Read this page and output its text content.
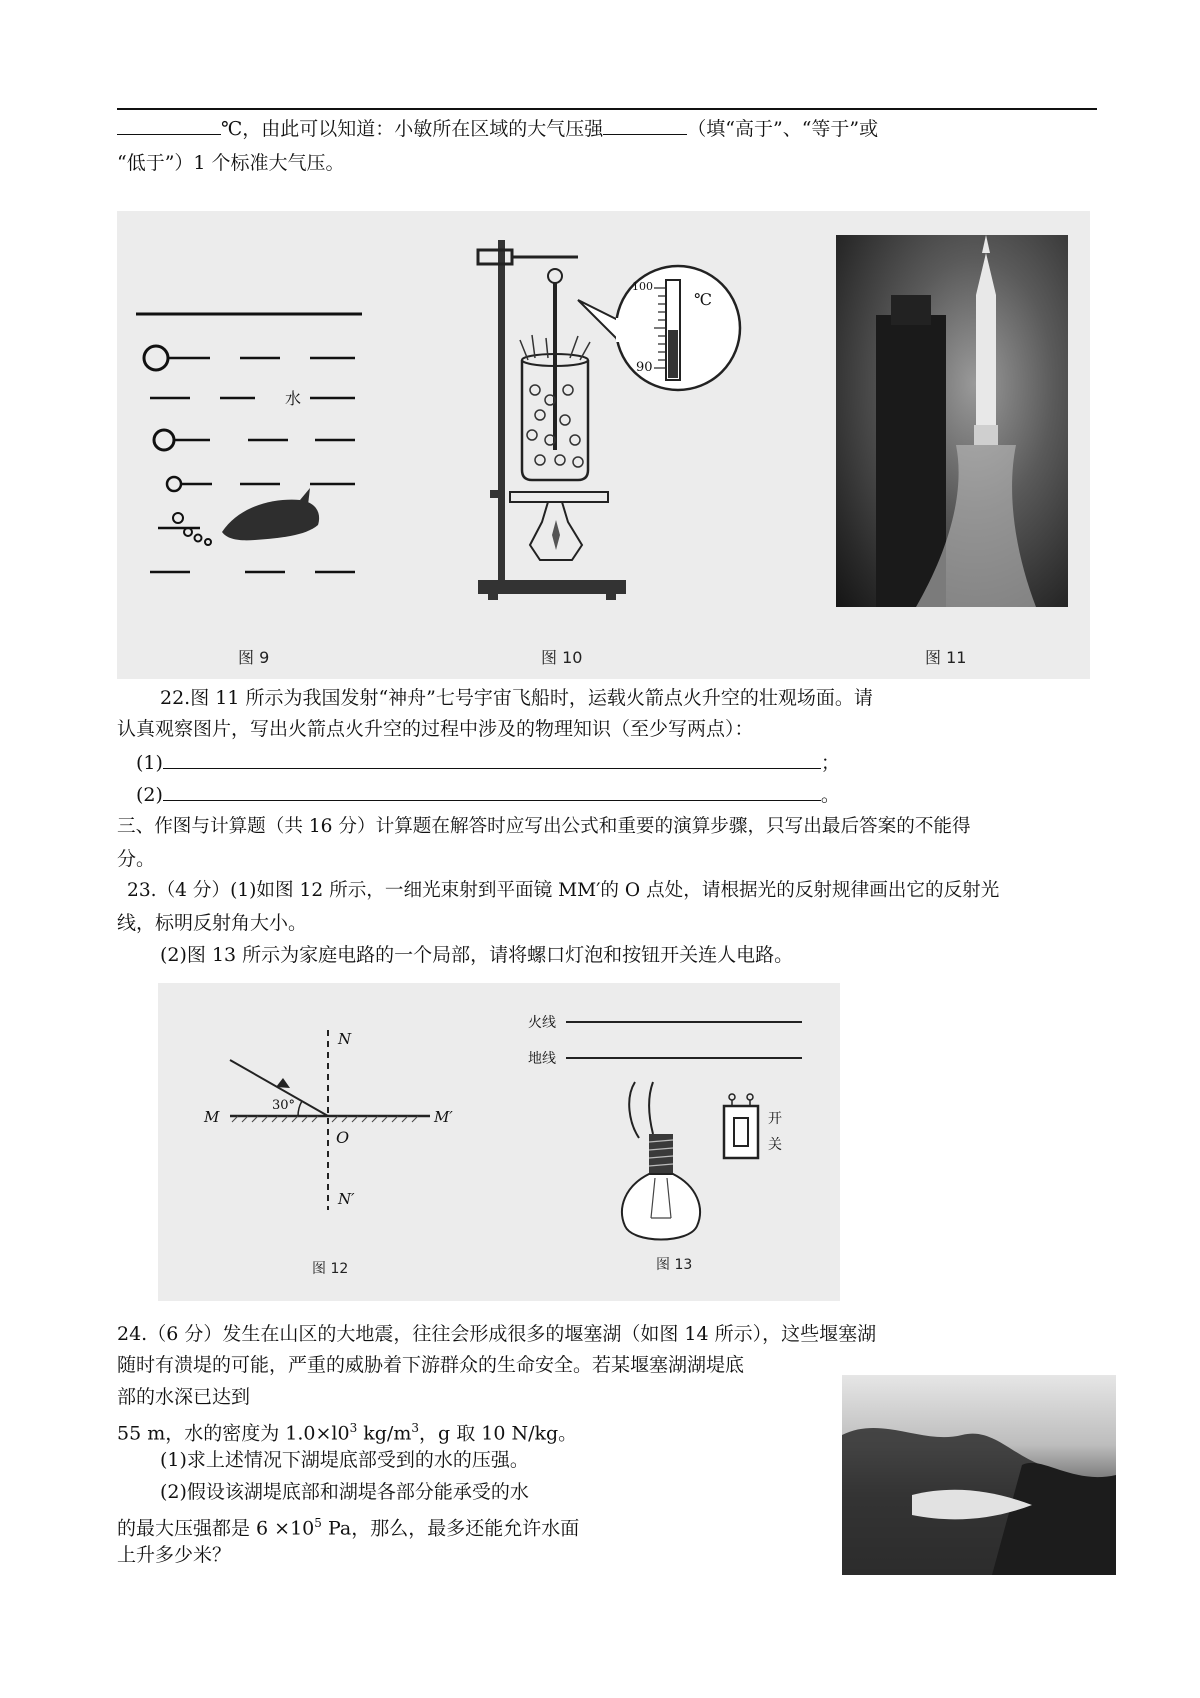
℃，由此可以知道：小敏所在区域的大气压强	（填“高于”、“等于”或
“低于”）1 个标准大气压。
水
图 9
℃
100
90
图 10	图 11
22.图 11 所示为我国发射“神舟”七号宇宙飞船时，运载火箭点火升空的壮观场面。请
认真观察图片，写出火箭点火升空的过程中涉及的物理知识（至少写两点）：
(1)	；
(2)	。
三、作图与计算题（共 16 分）计算题在解答时应写出公式和重要的演算步骤，只写出最后答案的不能得
分。
23.（4 分）(1)如图 12 所示，一细光束射到平面镜 MM′的 O 点处，请根据光的反射规律画出它的反射光
线，标明反射角大小。
(2)图 13 所示为家庭电路的一个局部，请将螺口灯泡和按钮开关连人电路。
N
N′
M	M′
O
30°
图 12
火线
地线
开
关
图 13
24.（6 分）发生在山区的大地震，往往会形成很多的堰塞湖（如图 14 所示），这些堰塞湖
随时有溃堤的可能，严重的威胁着下游群众的生命安全。若某堰塞湖湖堤底
部的水深已达到
55 m，水的密度为 $1.0\times l0^3$ $kg/m^3$，g 取 10 N/kg。
(1)求上述情况下湖堤底部受到的水的压强。
(2)假设该湖堤底部和湖堤各部分能承受的水
的最大压强都是 $6 \times 10^5$ Pa，那么，最多还能允许水面
上升多少米？
